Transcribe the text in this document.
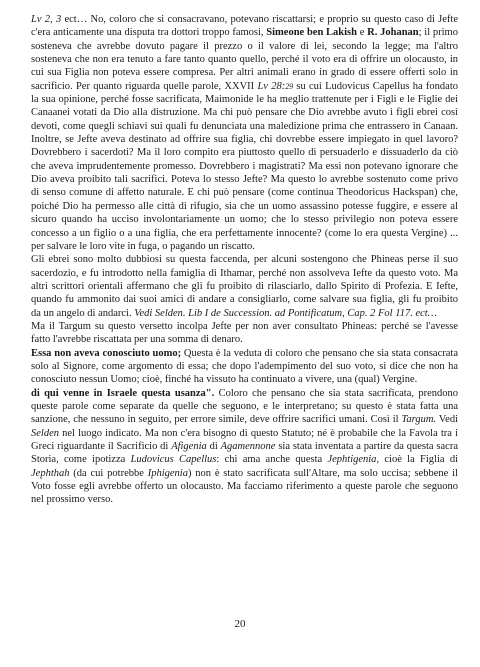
Lv 2, 3 ect… No, coloro che si consacravano, potevano riscattarsi; e proprio su questo caso di Jefte c'era anticamente una disputa tra dottori troppo famosi, Simeone ben Lakish e R. Johanan; il primo sosteneva che avrebbe dovuto pagare il prezzo o il valore di lei, secondo la legge; ma l'altro sosteneva che non era tenuto a fare tanto quanto quello, perché il voto era di offrire un olocausto, in cui sua Figlia non poteva essere compresa. Per altri animali erano in grado di essere offerti solo in sacrificio. Per quanto riguarda quelle parole, XXVII Lv 28:29 su cui Ludovicus Capellus ha fondato la sua opinione, perché fosse sacrificata, Maimonide le ha meglio trattenute per i Figli e le Figlie dei Canaanei votati da Dio alla distruzione. Ma chi può pensare che Dio avrebbe avuto i figli ebrei così devoti, come quegli schiavi sui quali fu denunciata una maledizione prima che entrassero in Canaan. Inoltre, se Jefte aveva destinato ad offrire sua figlia, chi dovrebbe essere impiegato in quel lavoro? Dovrebbero i sacerdoti? Ma il loro compito era piuttosto quello di persuaderlo e dissuaderlo da ciò che aveva imprudentemente promesso. Dovrebbero i magistrati? Ma essi non potevano ignorare che Dio aveva proibito tali sacrifici. Poteva lo stesso Jefte? Ma questo lo avrebbe sostenuto come privo di senso comune di affetto naturale. E chi può pensare (come continua Theodoricus Hackspan) che, poiché Dio ha permesso alle città di rifugio, sia che un uomo assassino potesse fuggire, e essere al sicuro quando ha ucciso involontariamente un uomo; che lo stesso privilegio non poteva essere concesso a un figlio o a una figlia, che era perfettamente innocente? (come lo era questa Vergine) ... per salvare le loro vite in fuga, o pagando un riscatto.

Gli ebrei sono molto dubbiosi su questa faccenda, per alcuni sostengono che Phineas perse il suo sacerdozio, e fu introdotto nella famiglia di Ithamar, perché non assolveva Iefte da questo voto. Ma altri scrittori orientali affermano che gli fu proibito di rilasciarlo, dallo Spirito di Profezia. E Iefte, quando fu ammonito dai suoi amici di andare a consigliarlo, come salvare sua figlia, gli fu proibito da un angelo di andarci. Vedi Selden. Lib I de Succession. ad Pontificatum, Cap. 2 Fol 117. ect…

Ma il Targum su questo versetto incolpa Jefte per non aver consultato Phineas: perché se l'avesse fatto l'avrebbe riscattata per una somma di denaro.

Essa non aveva conosciuto uomo; Questa è la veduta di coloro che pensano che sia stata consacrata solo al Signore, come argomento di essa; che dopo l'adempimento del suo voto, si dice che non ha conosciuto nessun Uomo; cioè, finché ha vissuto ha continuato a vivere, una (qual) Vergine.

di qui venne in Israele questa usanza". Coloro che pensano che sia stata sacrificata, prendono queste parole come separate da quelle che seguono, e le interpretano; su questo è stata fatta una sanzione, che nessuno in seguito, per errore simile, deve offrire sacrifici umani. Così il Targum. Vedi Selden nel luogo indicato. Ma non c'era bisogno di questo Statuto; né è probabile che la Favola tra i Greci riguardante il Sacrificio di Afigenia di Agamennone sia stata inventata a partire da questa sacra Storia, come ipotizza Ludovicus Capellus: chi ama anche questa Jephtigenia, cioè la Figlia di Jephthah (da cui potrebbe Iphigenia) non è stato sacrificata sull'Altare, ma solo uccisa; sebbene il Voto fosse egli avrebbe offerto un olocausto. Ma facciamo riferimento a queste parole che seguono nel prossimo verso.

20
